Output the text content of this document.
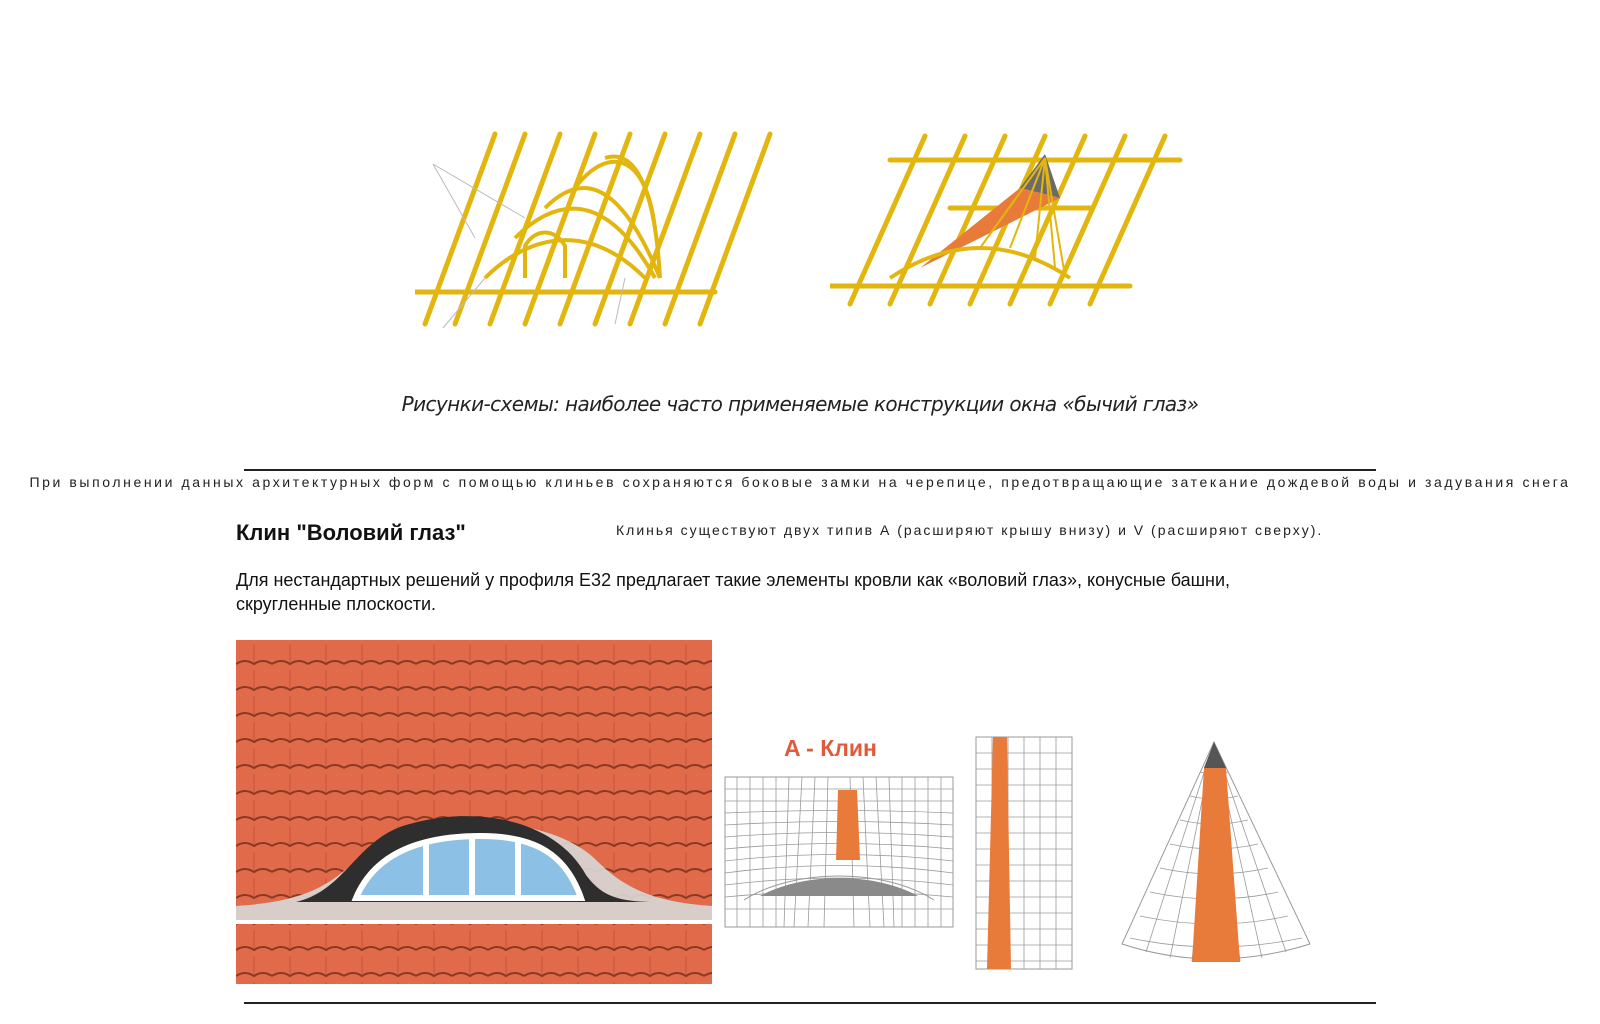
Рисунки-схемы: наиболее часто применяемые конструкции окна «бычий глаз»
При выполнении данных архитектурных форм с помощью клиньев сохраняются боковые замки на черепице, предотвращающие затекание дождевой воды и задувания снега
Клин "Воловий глаз"	Клинья существуют двух типив А (расширяют крышу внизу) и V (расширяют сверху).
Для нестандартных решений у профиля Е32 предлагает такие элементы кровли как «воловий глаз», конусные башни, скругленные плоскости.
A - Клин
